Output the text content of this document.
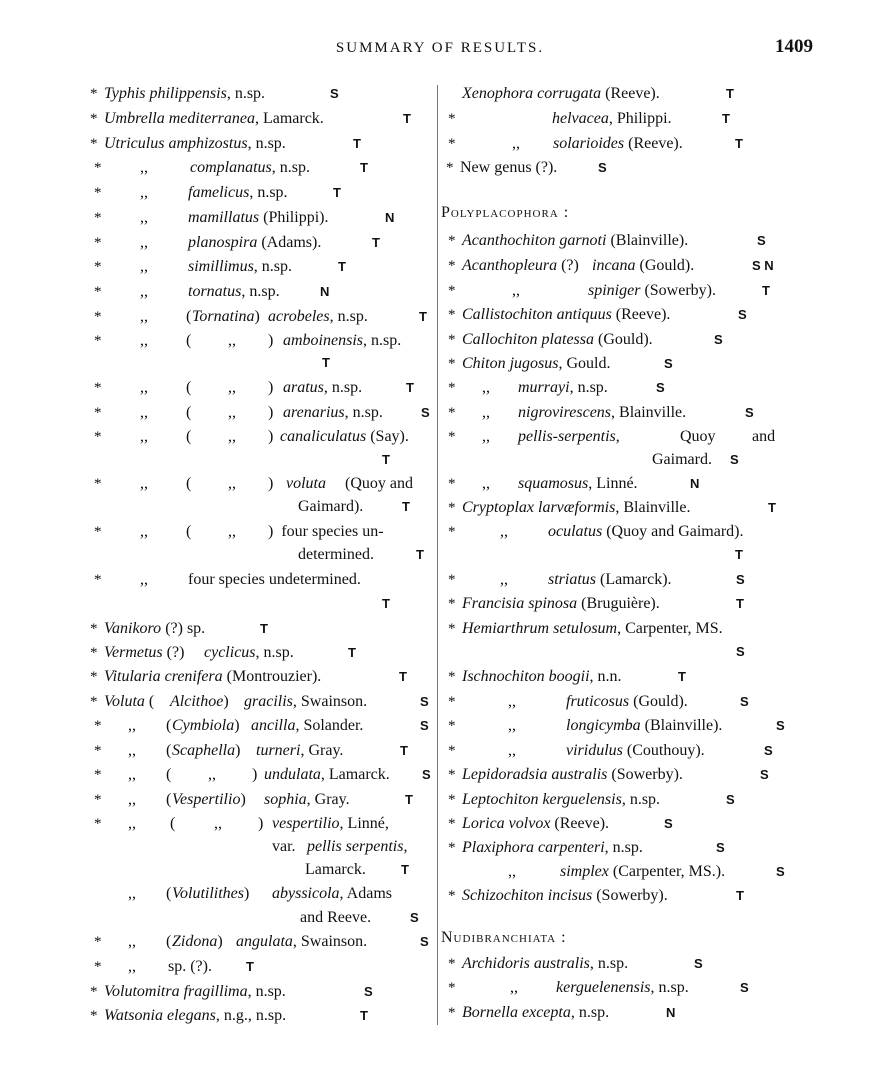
SUMMARY OF RESULTS.	1409
* Typhis philippensis, n.sp.	S
* Umbrella mediterranea, Lamarck.	T
* Utriculus amphizostus, n.sp.	T
* ,,	complanatus, n.sp.	T
* ,,	famelicus, n.sp.	T
* ,,	mamillatus (Philippi).	N
* ,,	planospira (Adams).	T
* ,,	simillimus, n.sp.	T
* ,,	tornatus, n.sp.	N
* ,, ( Tornatina) acrobeles, n.sp.	T
* ,, ( ,, ) amboinensis, n.sp.
T
* ,, ( ,, ) aratus, n.sp.	T
* ,, ( ,, ) arenarius, n.sp.	S
* ,, ( ,, ) canaliculatus (Say).
T
* ,, ( ,, ) voluta (Quoy and
Gaimard).	T
* ,, ( ,, )  four species un-
determined.	T
* ,,	four species undetermined.
T
* Vanikoro (?) sp.	T
* Vermetus (?) cyclicus, n.sp.	T
* Vitularia crenifera (Montrouzier).	T
* Voluta ( Alcithoe) gracilis, Swainson.	S
* ,, ( Cymbiola) ancilla, Solander.	S
* ,, ( Scaphella) turneri, Gray.	T
* ,, ( ,, ) undulata, Lamarck. S
* ,, ( Vespertilio) sophia, Gray.	T
* ,, ( ,, ) vespertilio, Linné,
var. pellis serpentis,
Lamarck.	T
,, ( Volutilithes) abyssicola, Adams
and Reeve.	S
* ,, ( Zidona) angulata, Swainson.	S
* ,, sp. (?).	T
* Volutomitra fragillima, n.sp.	S
* Watsonia elegans, n.g., n.sp.	T
Xenophora corrugata (Reeve).	T
*	helvacea, Philippi.	T
*	,, solarioides (Reeve).	T
* New genus (?).	S
Polyplacophora :
* Acanthochiton garnoti (Blainville).	S
* Acanthopleura (?) incana (Gould).	S N
*	,,	spiniger (Sowerby).	T
* Callistochiton antiquus (Reeve).	S
* Callochiton platessa (Gould).	S
* Chiton jugosus, Gould.	S
* ,, murrayi, n.sp.	S
* ,, nigrovirescens, Blainville.	S
* ,, pellis-serpentis,	Quoy and
Gaimard. S
* ,, squamosus, Linné.	N
* Cryptoplax larvæformis, Blainville.	T
*	,,	oculatus (Quoy and Gaimard).
T
*	,,	striatus (Lamarck).	S
* Francisia spinosa (Bruguière).	T
* Hemiarthrum setulosum, Carpenter, MS.
S
* Ischnochiton boogii, n.n.	T
*	,,	fruticosus (Gould).	S
*	,,	longicymba (Blainville).	S
*	,,	viridulus (Couthouy).	S
* Lepidoradsia australis (Sowerby).	S
* Leptochiton kerguelensis, n.sp.	S
* Lorica volvox (Reeve).	S
* Plaxiphora carpenteri, n.sp.	S
,,	simplex (Carpenter, MS.).	S
* Schizochiton incisus (Sowerby).	T
Nudibranchiata :
* Archidoris australis, n.sp.	S
*	,, kerguelenensis, n.sp.	S
* Bornella excepta, n.sp.	N
